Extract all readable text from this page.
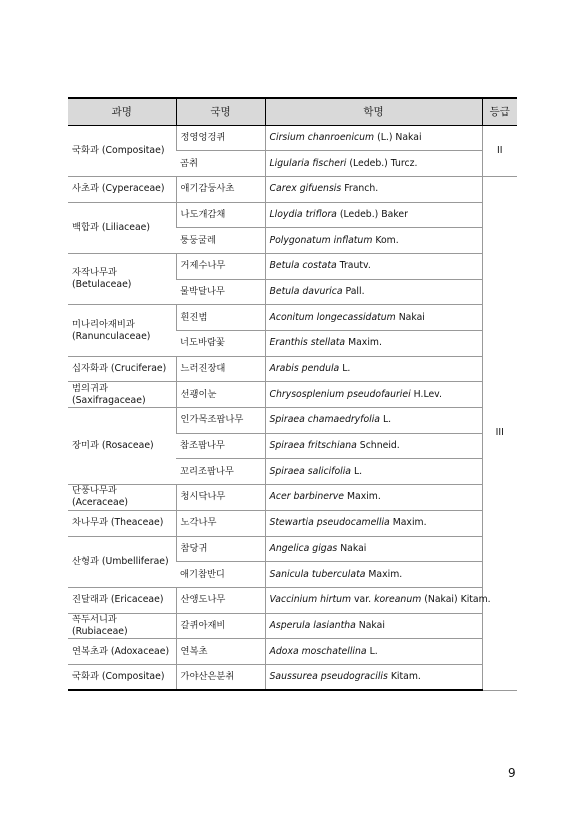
과명	국명	학명	등급
국화과 (Compositae)	정영엉겅퀴	Cirsium chanroenicum (L.) Nakai	II
	곰취	Ligularia fischeri (Ledeb.) Turcz.	
사초과 (Cyperaceae)	애기감둥사초	Carex gifuensis Franch.	III
백합과 (Liliaceae)	나도개감채	Lloydia triflora (Ledeb.) Baker	
	퉁둥굴레	Polygonatum inflatum Kom.	
자작나무과 (Betulaceae)	거제수나무	Betula costata Trautv.	
	물박달나무	Betula davurica Pall.	
미나리아재비과 (Ranunculaceae)	흰진범	Aconitum longecassidatum Nakai	
	너도바람꽃	Eranthis stellata Maxim.	
십자화과 (Cruciferae)	느러진장대	Arabis pendula L.	
범의귀과 (Saxifragaceae)	선괭이눈	Chrysosplenium pseudofauriei H.Lev.	
장미과 (Rosaceae)	인가목조팝나무	Spiraea chamaedryfolia L.	
	참조팝나무	Spiraea fritschiana Schneid.	
	꼬리조팝나무	Spiraea salicifolia L.	
단풍나무과 (Aceraceae)	청시닥나무	Acer barbinerve Maxim.	
차나무과 (Theaceae)	노각나무	Stewartia pseudocamellia Maxim.	
산형과 (Umbelliferae)	참당귀	Angelica gigas Nakai	
	애기참반디	Sanicula tuberculata Maxim.	
진달래과 (Ericaceae)	산앵도나무	Vaccinium hirtum var. koreanum (Nakai) Kitam.	
꼭두서니과 (Rubiaceae)	갈퀴아재비	Asperula lasiantha Nakai	
연복초과 (Adoxaceae)	연복초	Adoxa moschatellina L.	
국화과 (Compositae)	가야산은분취	Saussurea pseudogracilis Kitam.	
9
